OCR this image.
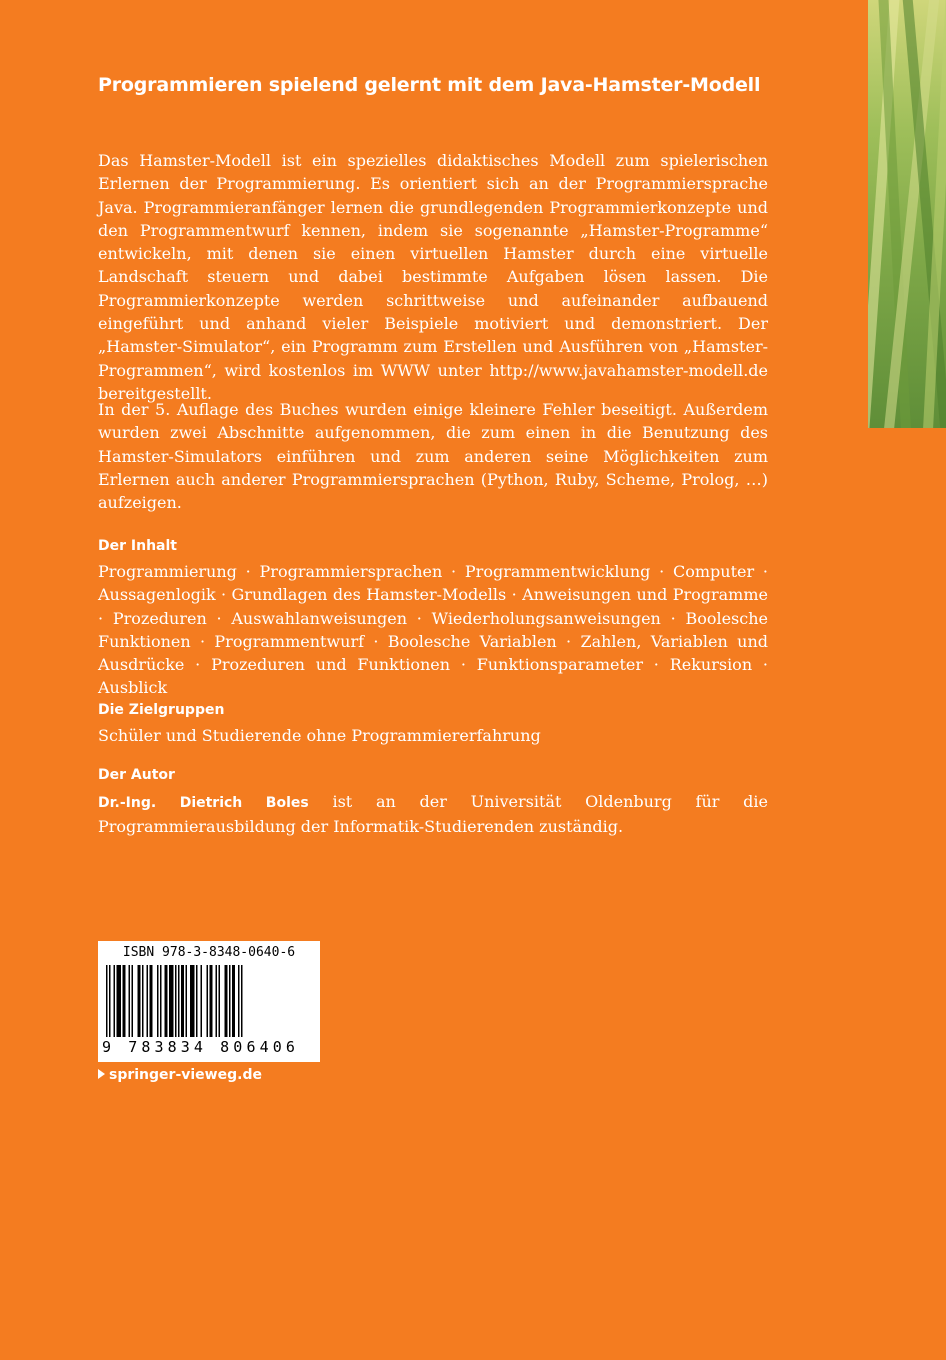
Programmieren spielend gelernt mit dem Java-Hamster-Modell

Das Hamster-Modell ist ein spezielles didaktisches Modell zum spielerischen Erlernen der Programmierung. Es orientiert sich an der Programmiersprache Java. Programmieranfänger lernen die grundlegenden Programmierkonzepte und den Programmentwurf kennen, indem sie sogenannte „Hamster-Programme“ entwickeln, mit denen sie einen virtuellen Hamster durch eine virtuelle Landschaft steuern und dabei bestimmte Aufgaben lösen lassen. Die Programmierkonzepte werden schrittweise und aufeinander aufbauend eingeführt und anhand vieler Beispiele motiviert und demonstriert. Der „Hamster-Simulator“, ein Programm zum Erstellen und Ausführen von „Hamster-Programmen“, wird kostenlos im WWW unter http://www.javahamster-modell.de bereitgestellt.

In der 5. Auflage des Buches wurden einige kleinere Fehler beseitigt. Außerdem wurden zwei Abschnitte aufgenommen, die zum einen in die Benutzung des Hamster-Simulators einführen und zum anderen seine Möglichkeiten zum Erlernen auch anderer Programmiersprachen (Python, Ruby, Scheme, Prolog, …) aufzeigen.

Der Inhalt

Programmierung · Programmiersprachen · Programmentwicklung · Computer · Aussagenlogik · Grundlagen des Hamster-Modells · Anweisungen und Programme · Prozeduren · Auswahlanweisungen · Wiederholungsanweisungen · Boolesche Funktionen · Programmentwurf · Boolesche Variablen · Zahlen, Variablen und Ausdrücke · Prozeduren und Funktionen · Funktionsparameter · Rekursion · Ausblick

Die Zielgruppen

Schüler und Studierende ohne Programmiererfahrung

Der Autor

Dr.-Ing. Dietrich Boles ist an der Universität Oldenburg für die Programmierausbildung der Informatik-Studierenden zuständig.

ISBN 978-3-8348-0640-6
9 783834 806406
springer-vieweg.de
